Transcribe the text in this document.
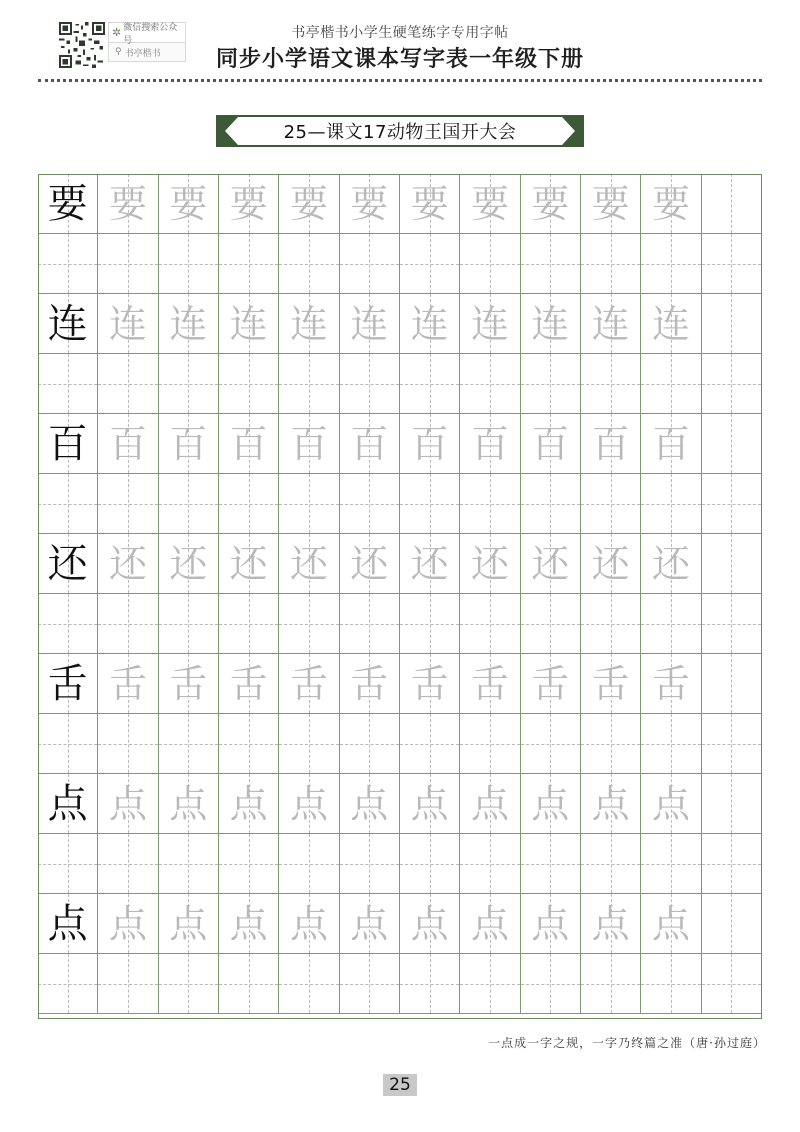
✲ 微信搜索公众号
⚲ 书亭楷书
书亭楷书小学生硬笔练字专用字帖
同步小学语文课本写字表一年级下册
25—课文17动物王国开大会
要 要 要 要 要 要 要 要 要 要 要
连 连 连 连 连 连 连 连 连 连 连
百 百 百 百 百 百 百 百 百 百 百
还 还 还 还 还 还 还 还 还 还 还
舌 舌 舌 舌 舌 舌 舌 舌 舌 舌 舌
点 点 点 点 点 点 点 点 点 点 点
点 点 点 点 点 点 点 点 点 点 点
一点成一字之规，一字乃终篇之准（唐·孙过庭）
25
